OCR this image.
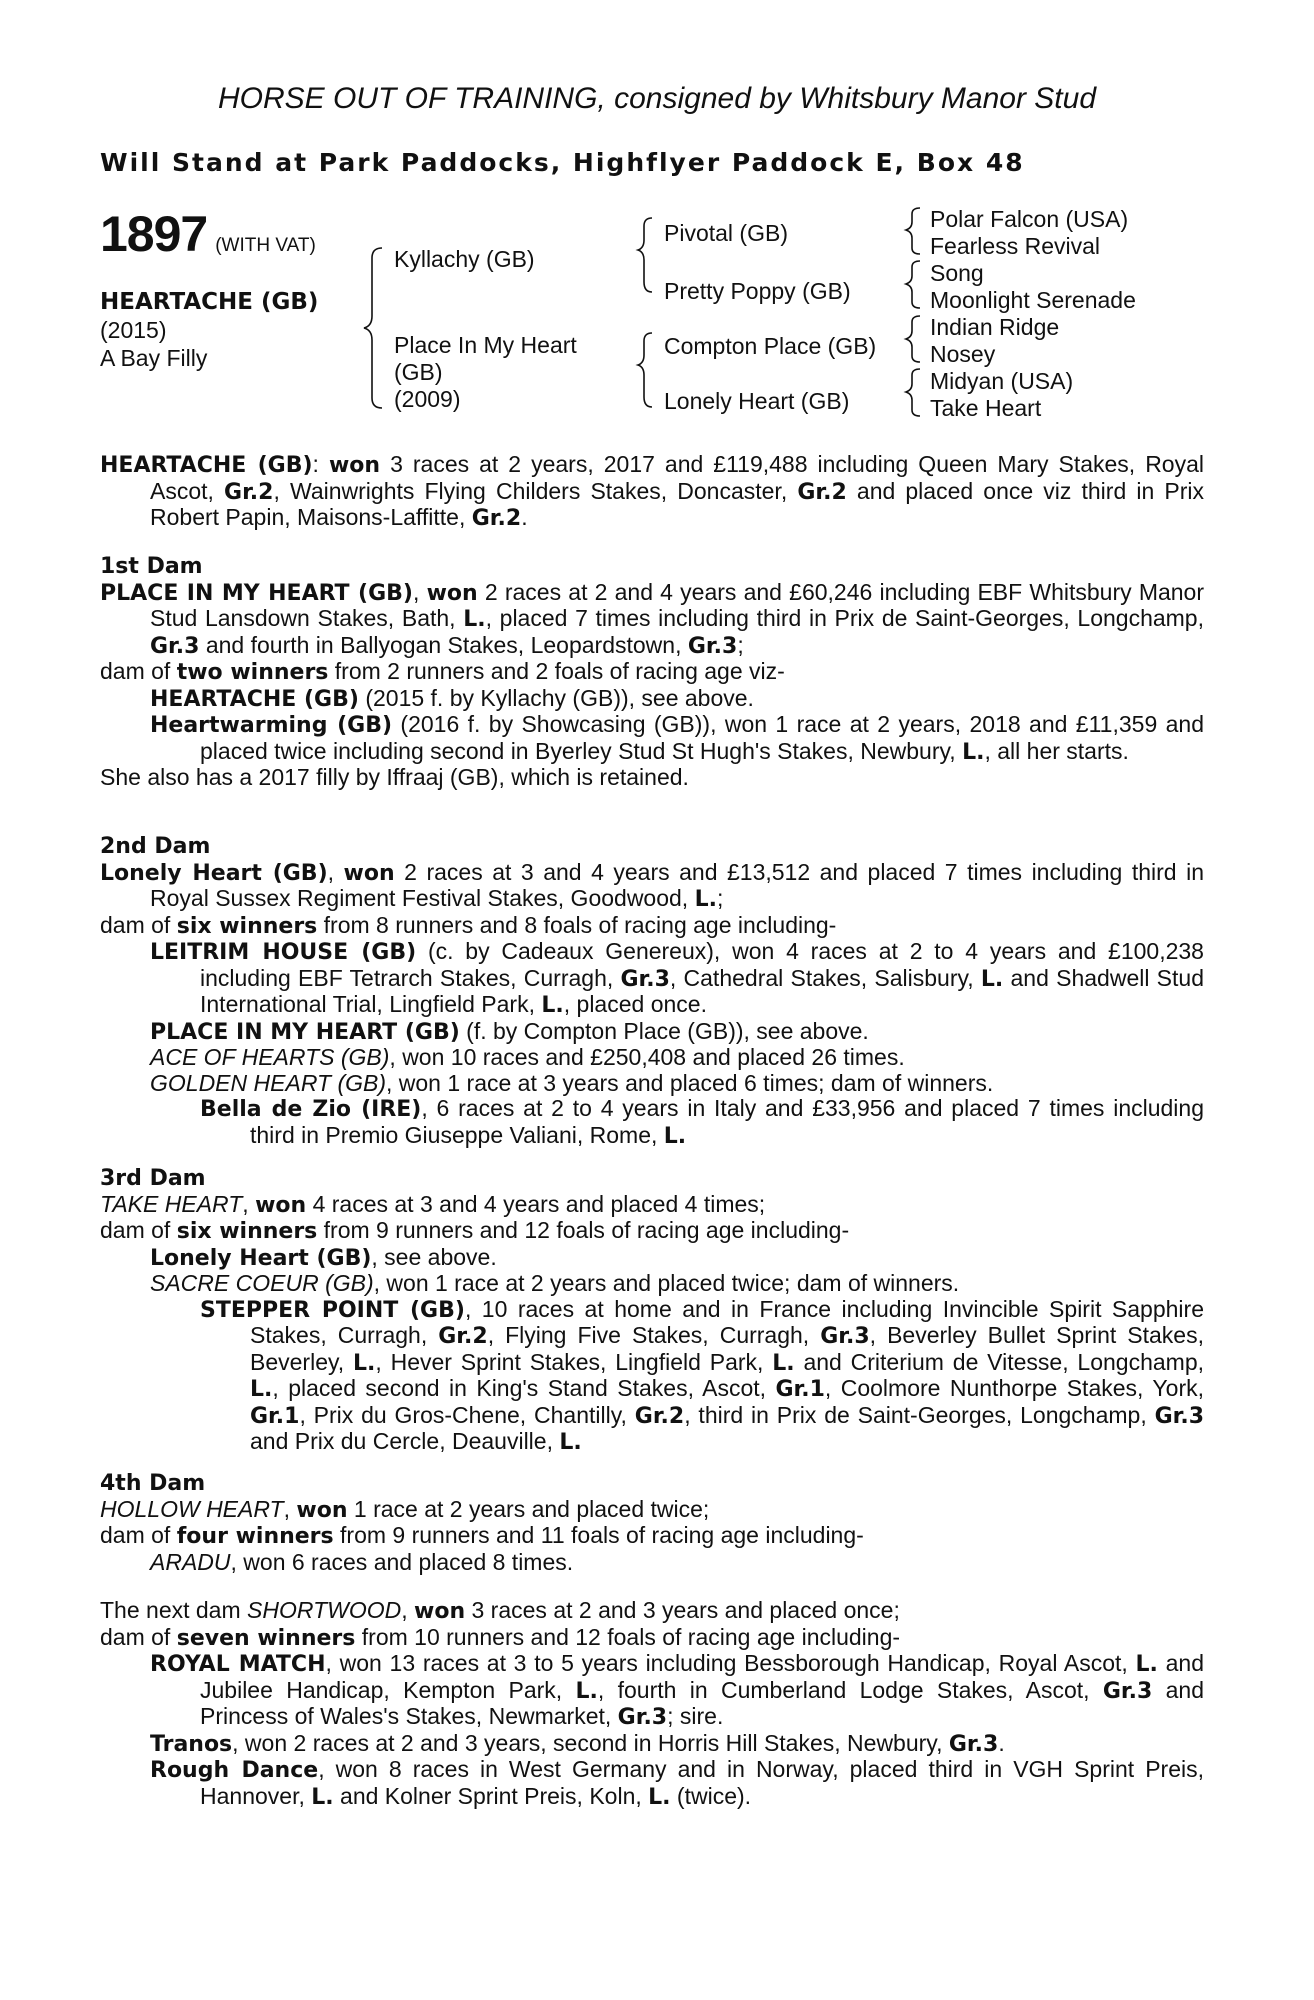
HORSE OUT OF TRAINING, consigned by Whitsbury Manor Stud
Will Stand at Park Paddocks, Highflyer Paddock E, Box 48
1897 (WITH VAT)
HEARTACHE (GB)
(2015)
A Bay Filly
Kyllachy (GB)
Place In My Heart
(GB)
(2009)
Pivotal (GB)
Pretty Poppy (GB)
Compton Place (GB)
Lonely Heart (GB)
Polar Falcon (USA)
Fearless Revival
Song
Moonlight Serenade
Indian Ridge
Nosey
Midyan (USA)
Take Heart

HEARTACHE (GB): won 3 races at 2 years, 2017 and £119,488 including Queen Mary Stakes, Royal Ascot, Gr.2, Wainwrights Flying Childers Stakes, Doncaster, Gr.2 and placed once viz third in Prix Robert Papin, Maisons-Laffitte, Gr.2.

1st Dam

PLACE IN MY HEART (GB), won 2 races at 2 and 4 years and £60,246 including EBF Whitsbury Manor Stud Lansdown Stakes, Bath, L., placed 7 times including third in Prix de Saint-Georges, Longchamp, Gr.3 and fourth in Ballyogan Stakes, Leopardstown, Gr.3;

dam of two winners from 2 runners and 2 foals of racing age viz-

HEARTACHE (GB) (2015 f. by Kyllachy (GB)), see above.

Heartwarming (GB) (2016 f. by Showcasing (GB)), won 1 race at 2 years, 2018 and £11,359 and placed twice including second in Byerley Stud St Hugh's Stakes, Newbury, L., all her starts.

She also has a 2017 filly by Iffraaj (GB), which is retained.

2nd Dam

Lonely Heart (GB), won 2 races at 3 and 4 years and £13,512 and placed 7 times including third in Royal Sussex Regiment Festival Stakes, Goodwood, L.;

dam of six winners from 8 runners and 8 foals of racing age including-

LEITRIM HOUSE (GB) (c. by Cadeaux Genereux), won 4 races at 2 to 4 years and £100,238 including EBF Tetrarch Stakes, Curragh, Gr.3, Cathedral Stakes, Salisbury, L. and Shadwell Stud International Trial, Lingfield Park, L., placed once.

PLACE IN MY HEART (GB) (f. by Compton Place (GB)), see above.

ACE OF HEARTS (GB), won 10 races and £250,408 and placed 26 times.

GOLDEN HEART (GB), won 1 race at 3 years and placed 6 times; dam of winners.

Bella de Zio (IRE), 6 races at 2 to 4 years in Italy and £33,956 and placed 7 times including third in Premio Giuseppe Valiani, Rome, L.

3rd Dam

TAKE HEART, won 4 races at 3 and 4 years and placed 4 times;

dam of six winners from 9 runners and 12 foals of racing age including-

Lonely Heart (GB), see above.

SACRE COEUR (GB), won 1 race at 2 years and placed twice; dam of winners.

STEPPER POINT (GB), 10 races at home and in France including Invincible Spirit Sapphire Stakes, Curragh, Gr.2, Flying Five Stakes, Curragh, Gr.3, Beverley Bullet Sprint Stakes, Beverley, L., Hever Sprint Stakes, Lingfield Park, L. and Criterium de Vitesse, Longchamp, L., placed second in King's Stand Stakes, Ascot, Gr.1, Coolmore Nunthorpe Stakes, York, Gr.1, Prix du Gros-Chene, Chantilly, Gr.2, third in Prix de Saint-Georges, Longchamp, Gr.3 and Prix du Cercle, Deauville, L.

4th Dam

HOLLOW HEART, won 1 race at 2 years and placed twice;

dam of four winners from 9 runners and 11 foals of racing age including-

ARADU, won 6 races and placed 8 times.

The next dam SHORTWOOD, won 3 races at 2 and 3 years and placed once;

dam of seven winners from 10 runners and 12 foals of racing age including-

ROYAL MATCH, won 13 races at 3 to 5 years including Bessborough Handicap, Royal Ascot, L. and Jubilee Handicap, Kempton Park, L., fourth in Cumberland Lodge Stakes, Ascot, Gr.3 and Princess of Wales's Stakes, Newmarket, Gr.3; sire.

Tranos, won 2 races at 2 and 3 years, second in Horris Hill Stakes, Newbury, Gr.3.

Rough Dance, won 8 races in West Germany and in Norway, placed third in VGH Sprint Preis, Hannover, L. and Kolner Sprint Preis, Koln, L. (twice).
